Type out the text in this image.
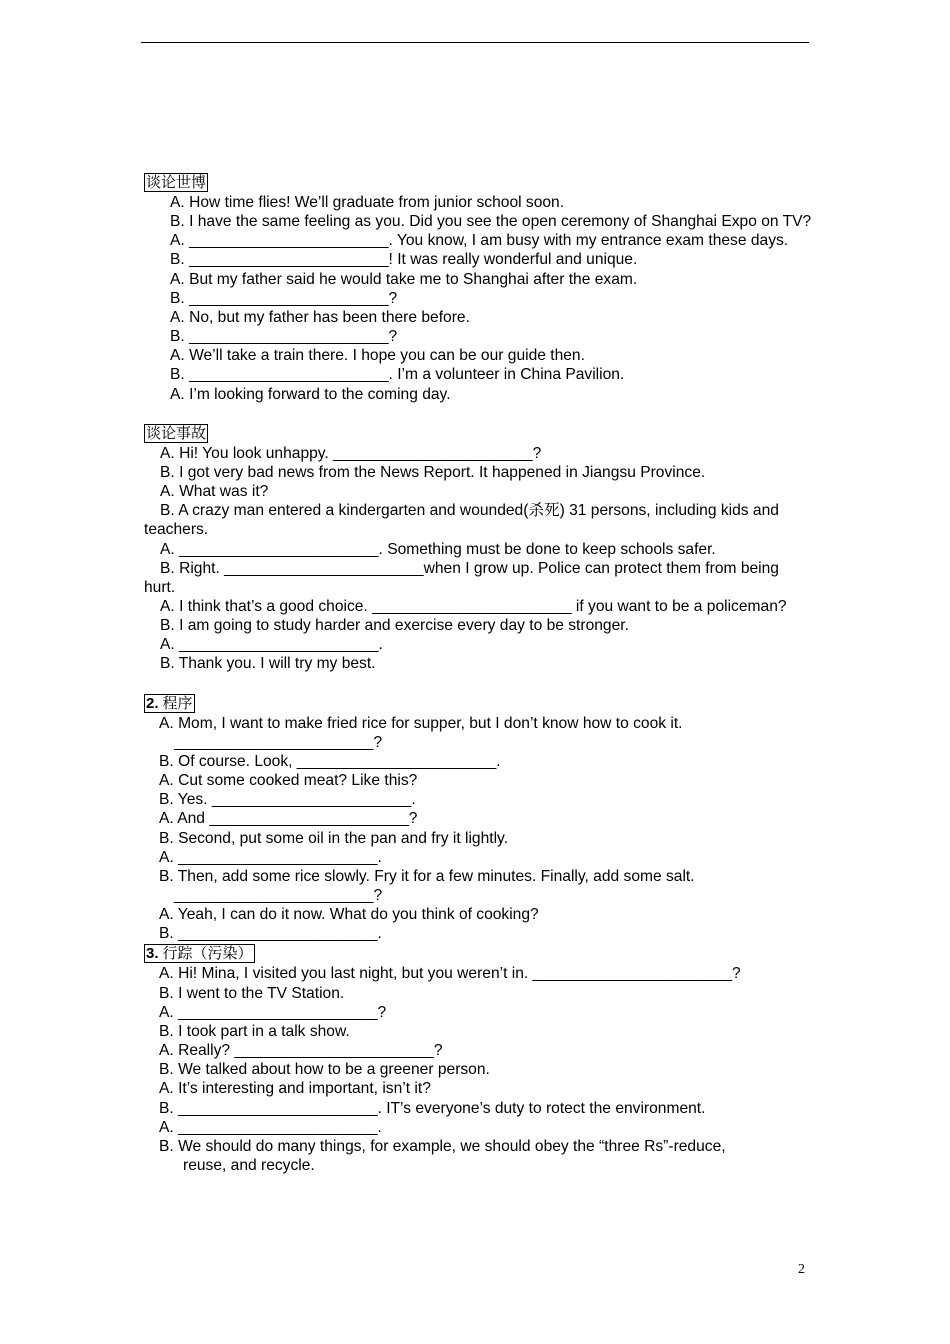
谈论世博

A. How time flies! We’ll graduate from junior school soon.

B. I have the same feeling as you. Did you see the open ceremony of Shanghai Expo on TV?

A. _______________________. You know, I am busy with my entrance exam these days.

B. _______________________! It was really wonderful and unique.

A. But my father said he would take me to Shanghai after the exam.

B. _______________________?

A. No, but my father has been there before.

B. _______________________?

A. We’ll take a train there. I hope you can be our guide then.

B. _______________________. I’m a volunteer in China Pavilion.

A. I’m looking forward to the coming day.

谈论事故

A. Hi! You look unhappy. _______________________?

B. I got very bad news from the News Report. It happened in Jiangsu Province.

A. What was it?

B. A crazy man entered a kindergarten and wounded(杀死) 31 persons, including kids and teachers.

A. _______________________. Something must be done to keep schools safer.

B. Right. _______________________when I grow up. Police can protect them from being hurt.

A. I think that’s a good choice. _______________________ if you want to be a policeman?

B. I am going to study harder and exercise every day to be stronger.

A. _______________________.

B. Thank you. I will try my best.

2. 程序

A. Mom, I want to make fried rice for supper, but I don’t know how to cook it.

_______________________?

B. Of course. Look, _______________________.

A. Cut some cooked meat? Like this?

B. Yes. _______________________.

A. And _______________________?

B. Second, put some oil in the pan and fry it lightly.

A. _______________________.

B. Then, add some rice slowly. Fry it for a few minutes. Finally, add some salt.

_______________________?

A. Yeah, I can do it now. What do you think of cooking?

B. _______________________.

3. 行踪（污染）

A. Hi! Mina, I visited you last night, but you weren’t in. _______________________?

B. I went to the TV Station.

A. _______________________?

B. I took part in a talk show.

A. Really? _______________________?

B. We talked about how to be a greener person.

A. It’s interesting and important, isn’t it?

B. _______________________. IT’s everyone’s duty to rotect the environment.

A. _______________________.

B. We should do many things, for example, we should obey the “three Rs”-reduce,

reuse, and recycle.

2
